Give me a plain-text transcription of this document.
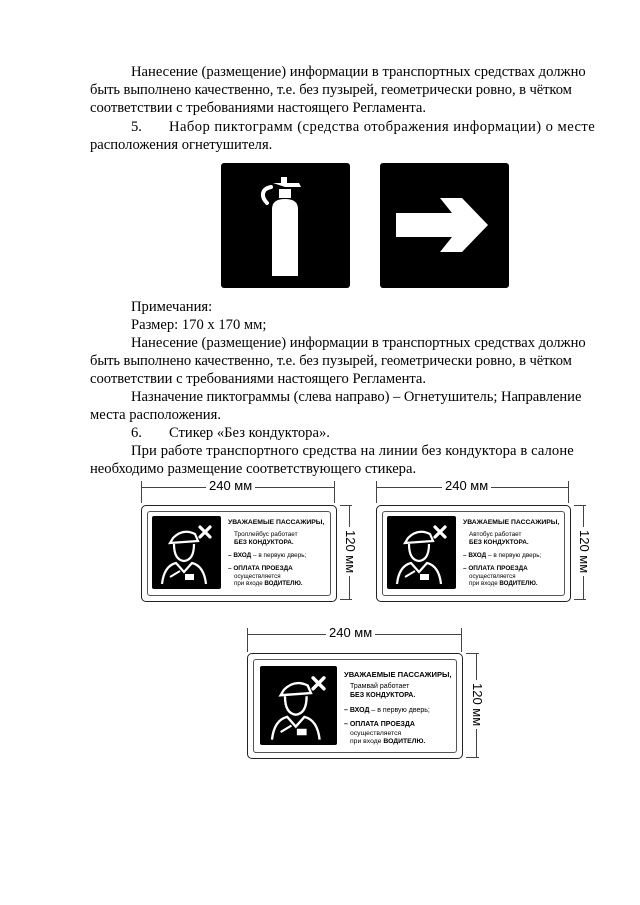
Нанесение (размещение) информации в транспортных средствах должно
быть выполнено качественно, т.е. без пузырей, геометрически ровно, в чётком
соответствии с требованиями настоящего Регламента.
5. Набор пиктограмм (средства отображения информации) о месте
расположения огнетушителя.
Примечания:
Размер: 170 х 170 мм;
Нанесение (размещение) информации в транспортных средствах должно
быть выполнено качественно, т.е. без пузырей, геометрически ровно, в чётком
соответствии с требованиями настоящего Регламента.
Назначение пиктограммы (слева направо) – Огнетушитель; Направление
места расположения.
6. Стикер «Без кондуктора».
При работе транспортного средства на линии без кондуктора в салоне
необходимо размещение соответствующего стикера.
240 мм
120 мм
УВАЖАЕМЫЕ ПАССАЖИРЫ,
Троллейбус работает
БЕЗ КОНДУКТОРА.
– ВХОД – в первую дверь;
– ОПЛАТА ПРОЕЗДА
осуществляется
при входе ВОДИТЕЛЮ.
240 мм
120 мм
УВАЖАЕМЫЕ ПАССАЖИРЫ,
Автобус работает
БЕЗ КОНДУКТОРА.
– ВХОД – в первую дверь;
– ОПЛАТА ПРОЕЗДА
осуществляется
при входе ВОДИТЕЛЮ.
240 мм
120 мм
УВАЖАЕМЫЕ ПАССАЖИРЫ,
Трамвай работает
БЕЗ КОНДУКТОРА.
– ВХОД – в первую дверь;
– ОПЛАТА ПРОЕЗДА
осуществляется
при входе ВОДИТЕЛЮ.
